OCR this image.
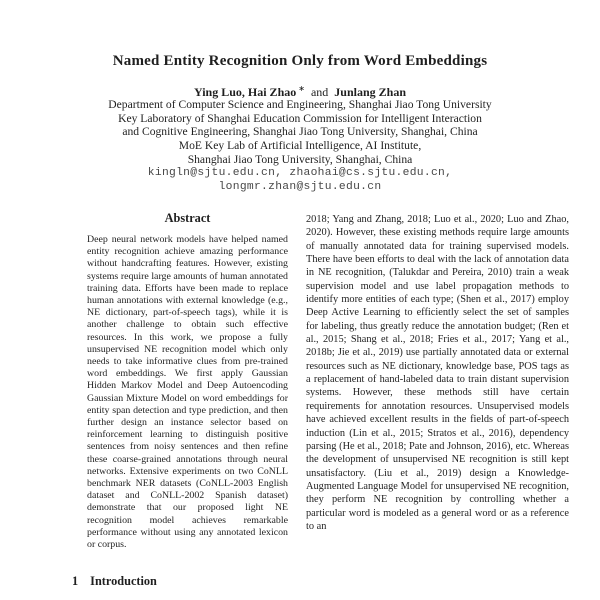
Named Entity Recognition Only from Word Embeddings
Ying Luo, Hai Zhao ∗ and Junlang Zhan
Department of Computer Science and Engineering, Shanghai Jiao Tong University
Key Laboratory of Shanghai Education Commission for Intelligent Interaction
and Cognitive Engineering, Shanghai Jiao Tong University, Shanghai, China
MoE Key Lab of Artificial Intelligence, AI Institute,
Shanghai Jiao Tong University, Shanghai, China
kingln@sjtu.edu.cn, zhaohai@cs.sjtu.edu.cn,
longmr.zhan@sjtu.edu.cn
Abstract
Deep neural network models have helped named entity recognition achieve amazing performance without handcrafting features. However, existing systems require large amounts of human annotated training data. Efforts have been made to replace human annotations with external knowledge (e.g., NE dictionary, part-of-speech tags), while it is another challenge to obtain such effective resources. In this work, we propose a fully unsupervised NE recognition model which only needs to take informative clues from pre-trained word embeddings. We first apply Gaussian Hidden Markov Model and Deep Autoencoding Gaussian Mixture Model on word embeddings for entity span detection and type prediction, and then further design an instance selector based on reinforcement learning to distinguish positive sentences from noisy sentences and then refine these coarse-grained annotations through neural networks. Extensive experiments on two CoNLL benchmark NER datasets (CoNLL-2003 English dataset and CoNLL-2002 Spanish dataset) demonstrate that our proposed light NE recognition model achieves remarkable performance without using any annotated lexicon or corpus.
1 Introduction
2018; Yang and Zhang, 2018; Luo et al., 2020; Luo and Zhao, 2020). However, these existing methods require large amounts of manually annotated data for training supervised models. There have been efforts to deal with the lack of annotation data in NE recognition, (Talukdar and Pereira, 2010) train a weak supervision model and use label propagation methods to identify more entities of each type; (Shen et al., 2017) employ Deep Active Learning to efficiently select the set of samples for labeling, thus greatly reduce the annotation budget; (Ren et al., 2015; Shang et al., 2018; Fries et al., 2017; Yang et al., 2018b; Jie et al., 2019) use partially annotated data or external resources such as NE dictionary, knowledge base, POS tags as a replacement of hand-labeled data to train distant supervision systems. However, these methods still have certain requirements for annotation resources. Unsupervised models have achieved excellent results in the fields of part-of-speech induction (Lin et al., 2015; Stratos et al., 2016), dependency parsing (He et al., 2018; Pate and Johnson, 2016), etc. Whereas the development of unsupervised NE recognition is still kept unsatisfactory. (Liu et al., 2019) design a Knowledge-Augmented Language Model for unsupervised NE recognition, they perform NE recognition by controlling whether a particular word is modeled as a general word or as a reference to an
